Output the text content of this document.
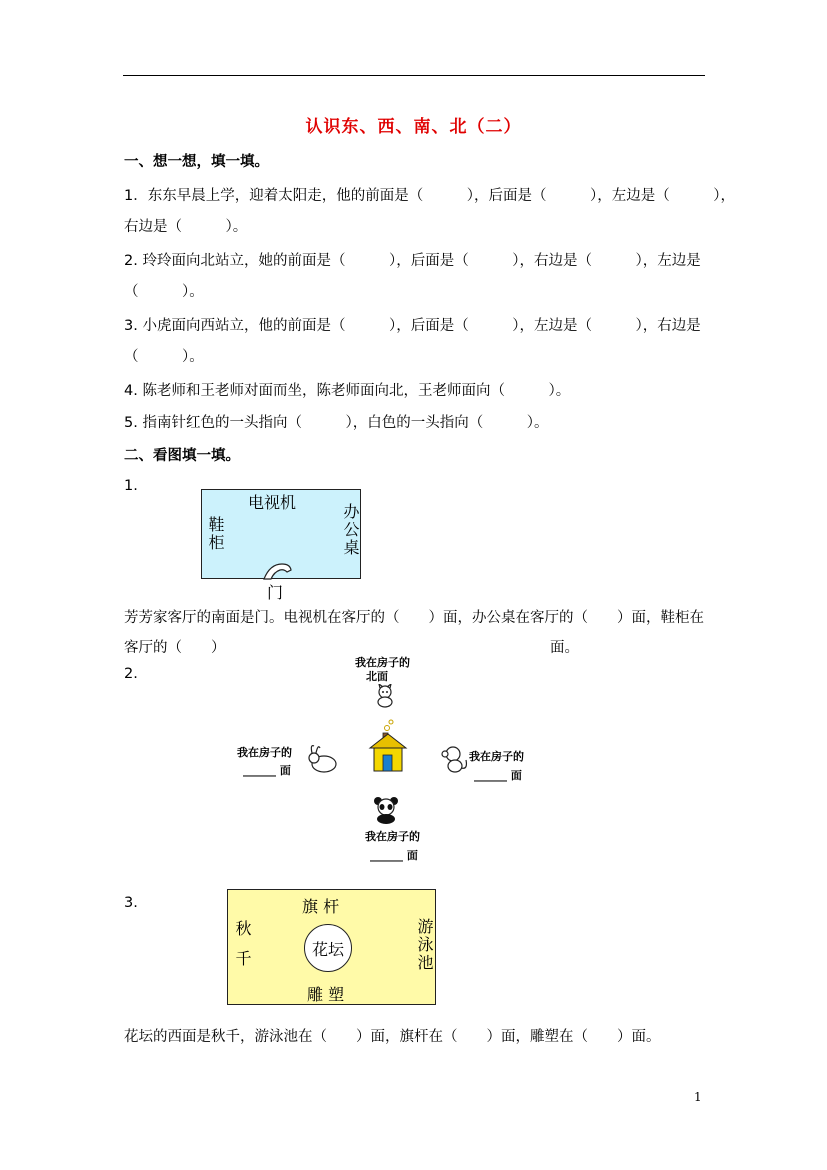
认识东、西、南、北（二）
一、想一想，填一填。
1．东东早晨上学，迎着太阳走，他的前面是（　　　），后面是（　　　），左边是（　　　），
右边是（　　　）。
2. 玲玲面向北站立，她的前面是（　　　），后面是（　　　），右边是（　　　），左边是
（　　　）。
3. 小虎面向西站立，他的前面是（　　　），后面是（　　　），左边是（　　　），右边是
（　　　）。
4. 陈老师和王老师对面而坐，陈老师面向北，王老师面向（　　　）。
5. 指南针红色的一头指向（　　　），白色的一头指向（　　　）。
二、看图填一填。
1.
电视机
鞋柜	办公桌
门
芳芳家客厅的南面是门。电视机在客厅的（　　）面，办公桌在客厅的（　　）面，鞋柜在
客厅的（　　）	面。
2.
我在房子的
北面
我在房子的
______ 面
我在房子的
______ 面
我在房子的
______ 面
3.	旗 杆
秋千	游泳池
花坛
雕 塑
花坛的西面是秋千，游泳池在（　　）面，旗杆在（　　）面，雕塑在（　　）面。
1
